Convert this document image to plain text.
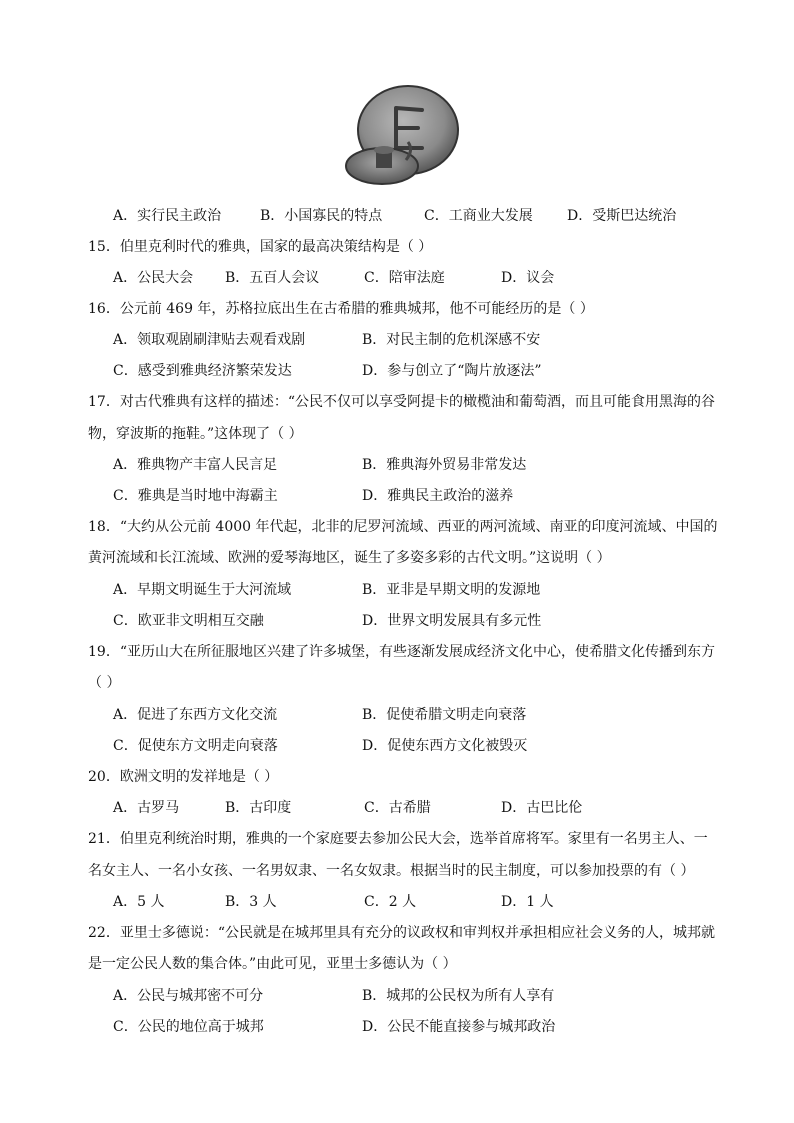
A．实行民主政治	B．小国寡民的特点	C．工商业大发展 D．受斯巴达统治
15．伯里克利时代的雅典，国家的最高决策结构是（ ）
A．公民大会 B．五百人会议	C．陪审法庭	D．议会
16．公元前 469 年，苏格拉底出生在古希腊的雅典城邦，他不可能经历的是（ ）
A．领取观剧刷津贴去观看戏剧	B．对民主制的危机深感不安
C．感受到雅典经济繁荣发达	D．参与创立了“陶片放逐法”
17．对古代雅典有这样的描述：“公民不仅可以享受阿提卡的橄榄油和葡萄酒，而且可能食用黑海的谷
物，穿波斯的拖鞋。”这体现了（ ）
A．雅典物产丰富人民言足	B．雅典海外贸易非常发达
C．雅典是当时地中海霸主	D．雅典民主政治的滋养
18．“大约从公元前 4000 年代起，北非的尼罗河流域、西亚的两河流域、南亚的印度河流域、中国的
黄河流域和长江流域、欧洲的爱琴海地区，诞生了多姿多彩的古代文明。”这说明（ ）
A．早期文明诞生于大河流域	B．亚非是早期文明的发源地
C．欧亚非文明相互交融	D．世界文明发展具有多元性
19．“亚历山大在所征服地区兴建了许多城堡，有些逐渐发展成经济文化中心，使希腊文化传播到东方
（ ）
A．促进了东西方文化交流	B．促使希腊文明走向衰落
C．促使东方文明走向衰落	D．促使东西方文化被毁灭
20．欧洲文明的发祥地是（ ）
A．古罗马	B．古印度	C．古希腊	D．古巴比伦
21．伯里克利统治时期，雅典的一个家庭要去参加公民大会，选举首席将军。家里有一名男主人、一
名女主人、一名小女孩、一名男奴隶、一名女奴隶。根据当时的民主制度，可以参加投票的有（ ）
A．5 人	B．3 人	C．2 人	D．1 人
22．亚里士多德说：“公民就是在城邦里具有充分的议政权和审判权并承担相应社会义务的人，城邦就
是一定公民人数的集合体。”由此可见，亚里士多德认为（ ）
A．公民与城邦密不可分	B．城邦的公民权为所有人享有
C．公民的地位高于城邦	D．公民不能直接参与城邦政治
